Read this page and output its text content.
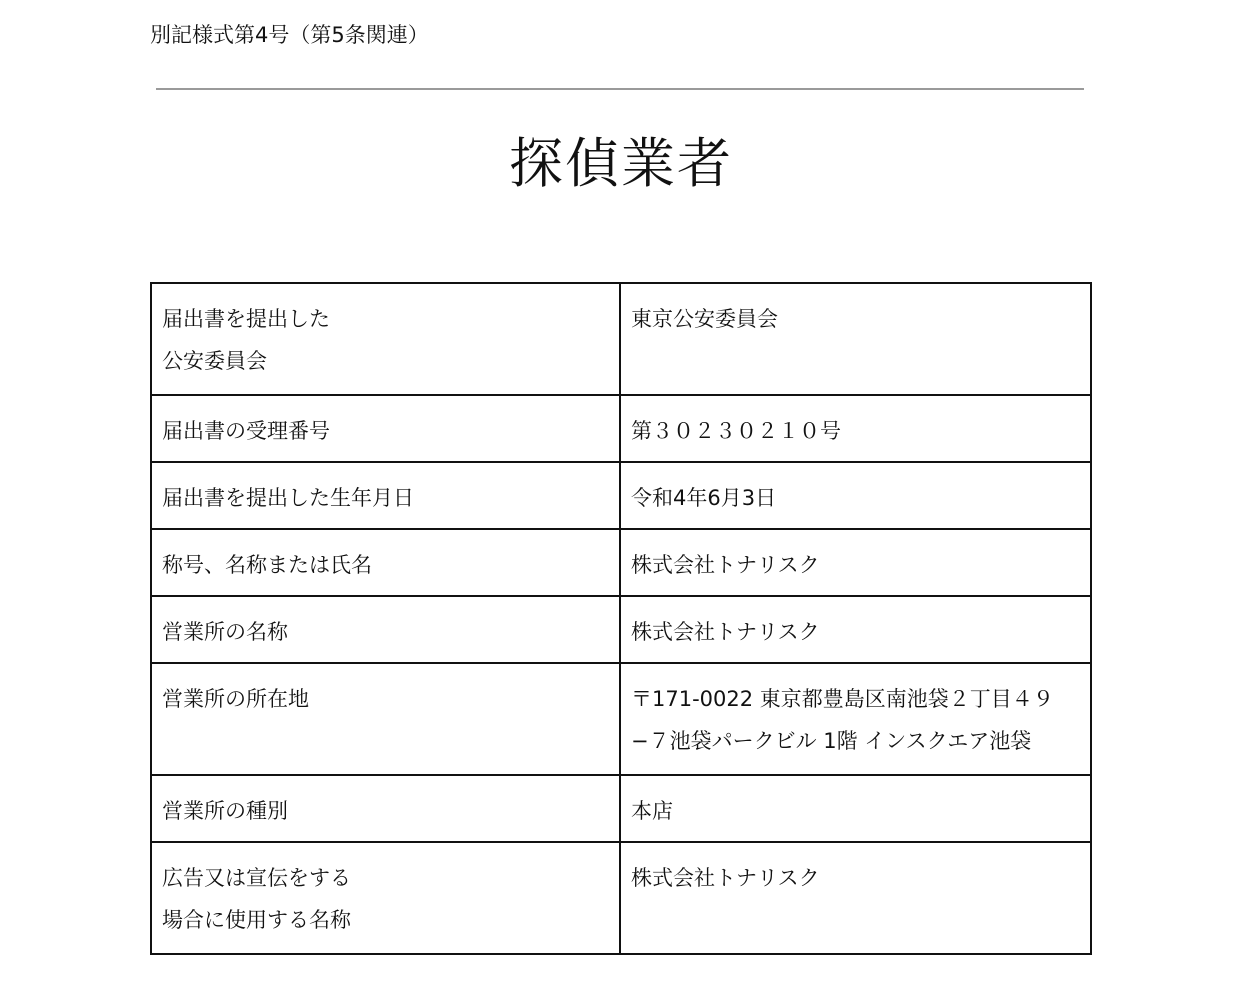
別記様式第4号（第5条関連）
探偵業者
届出書を提出した
公安委員会	東京公安委員会

届出書の受理番号	第３０２３０２１０号

届出書を提出した生年月日	令和4年6月3日

称号、名称または氏名	株式会社トナリスク

営業所の名称	株式会社トナリスク

営業所の所在地	〒171-0022 東京都豊島区南池袋２丁目４９
−７池袋パークビル 1階 インスクエア池袋

営業所の種別	本店

広告又は宣伝をする
場合に使用する名称	株式会社トナリスク
